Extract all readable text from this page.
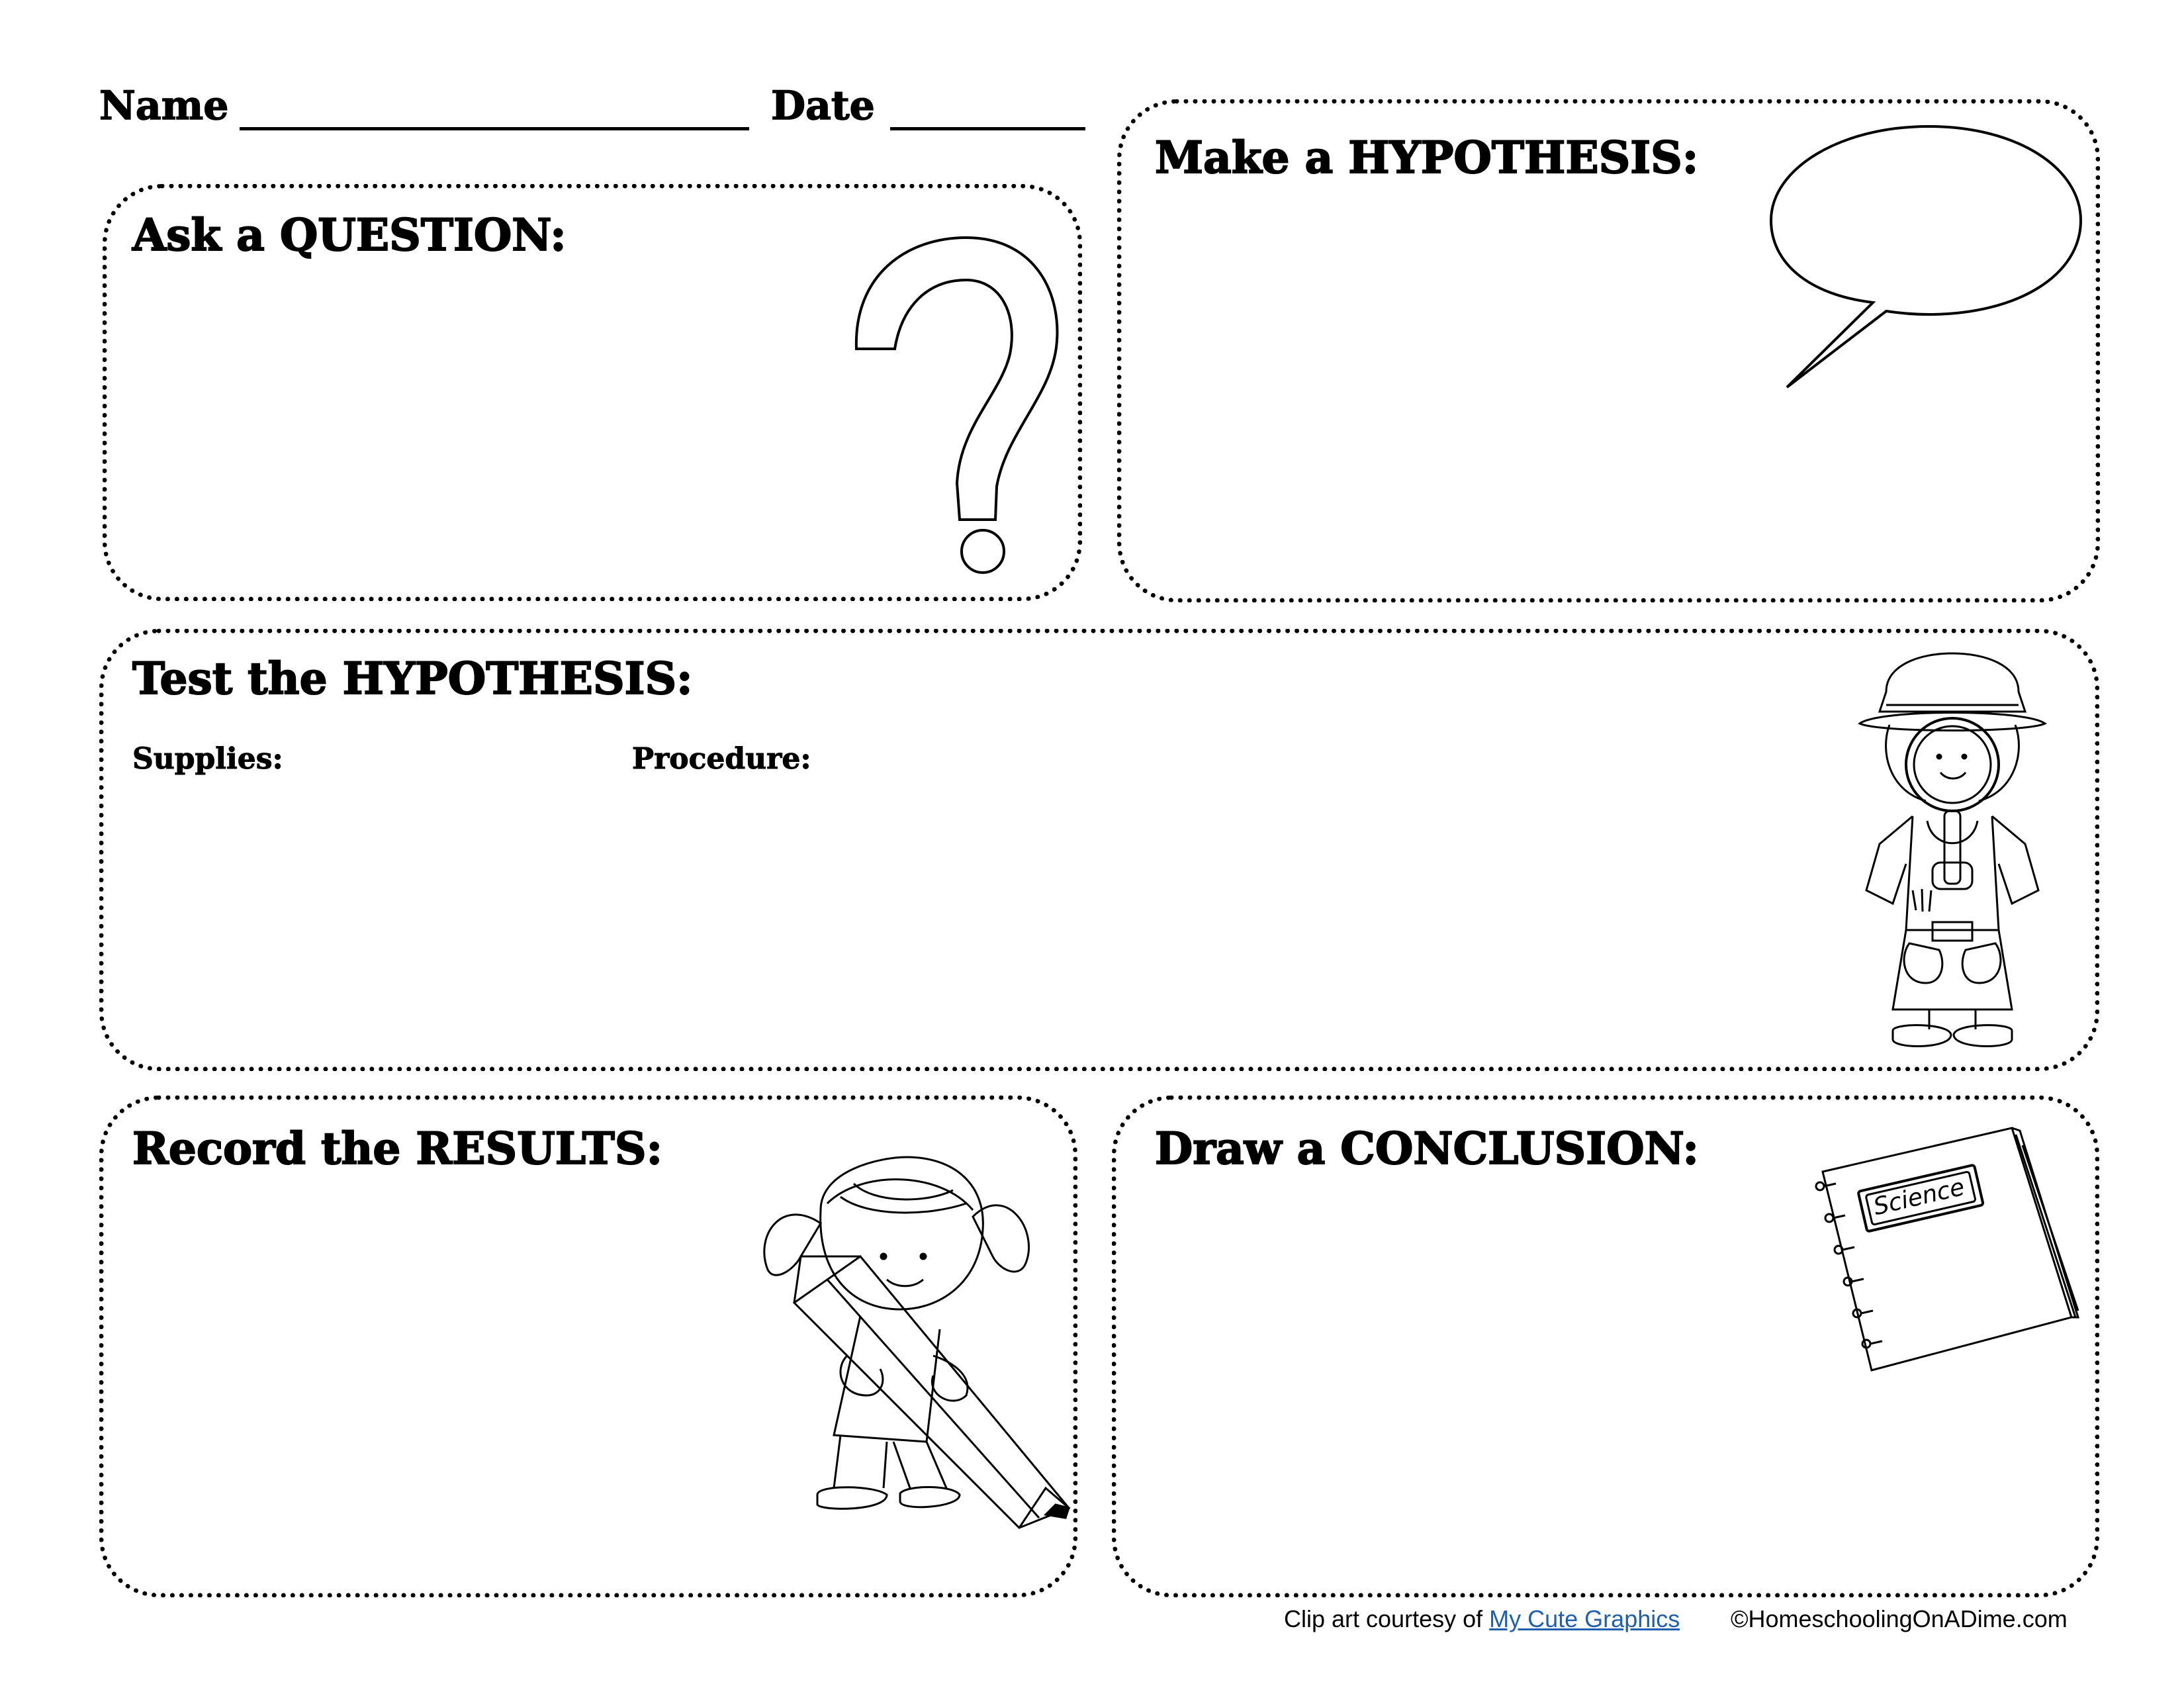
Name	Date
Ask a QUESTION:
Make a HYPOTHESIS:
Test the HYPOTHESIS:
Supplies:	Procedure:
Record the RESULTS:	Draw a CONCLUSION:
Science
Clip art courtesy of My Cute Graphics ©HomeschoolingOnADime.com
